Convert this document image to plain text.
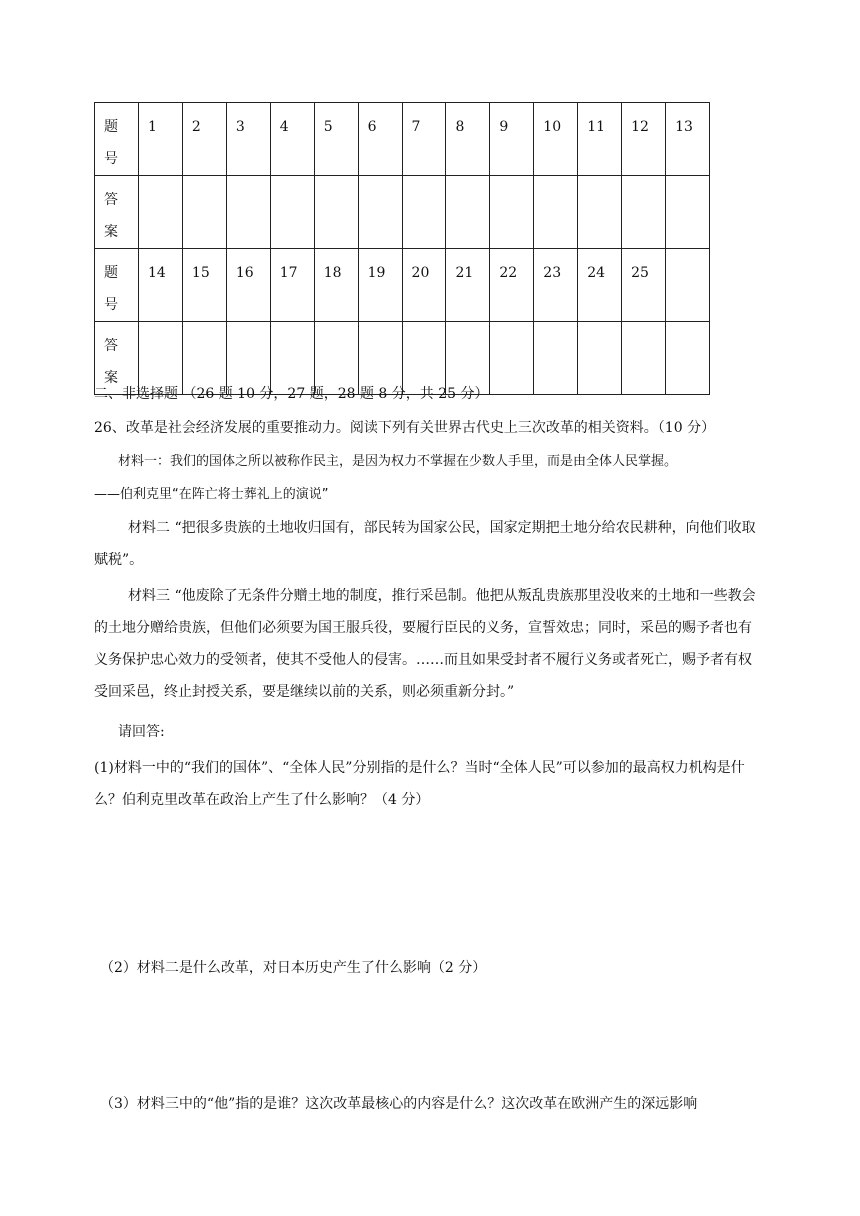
题号	1	2	3	4	5	6	7	8	9	10	11	12	13

答案													

题号	14	15	16	17	18	19	20	21	22	23	24	25	

答案													

二、非选择题 （26 题 10 分，27 题，28 题 8 分，共 25 分）
26、改革是社会经济发展的重要推动力。阅读下列有关世界古代史上三次改革的相关资料。（10 分）
材料一：我们的国体之所以被称作民主，是因为权力不掌握在少数人手里，而是由全体人民掌握。
——伯利克里“在阵亡将士葬礼上的演说”
材料二 “把很多贵族的土地收归国有，部民转为国家公民，国家定期把土地分给农民耕种，向他们收取赋税”。
材料三 “他废除了无条件分赠土地的制度，推行采邑制。他把从叛乱贵族那里没收来的土地和一些教会的土地分赠给贵族，但他们必须要为国王服兵役，要履行臣民的义务，宣誓效忠；同时，采邑的赐予者也有义务保护忠心效力的受领者，使其不受他人的侵害。……而且如果受封者不履行义务或者死亡，赐予者有权受回采邑，终止封授关系，要是继续以前的关系，则必须重新分封。”
请回答:
(1)材料一中的“我们的国体”、“全体人民”分别指的是什么？当时“全体人民”可以参加的最高权力机构是什么？伯利克里改革在政治上产生了什么影响？（4 分）
（2）材料二是什么改革，对日本历史产生了什么影响（2 分）
（3）材料三中的“他”指的是谁？这次改革最核心的内容是什么？这次改革在欧洲产生的深远影响
